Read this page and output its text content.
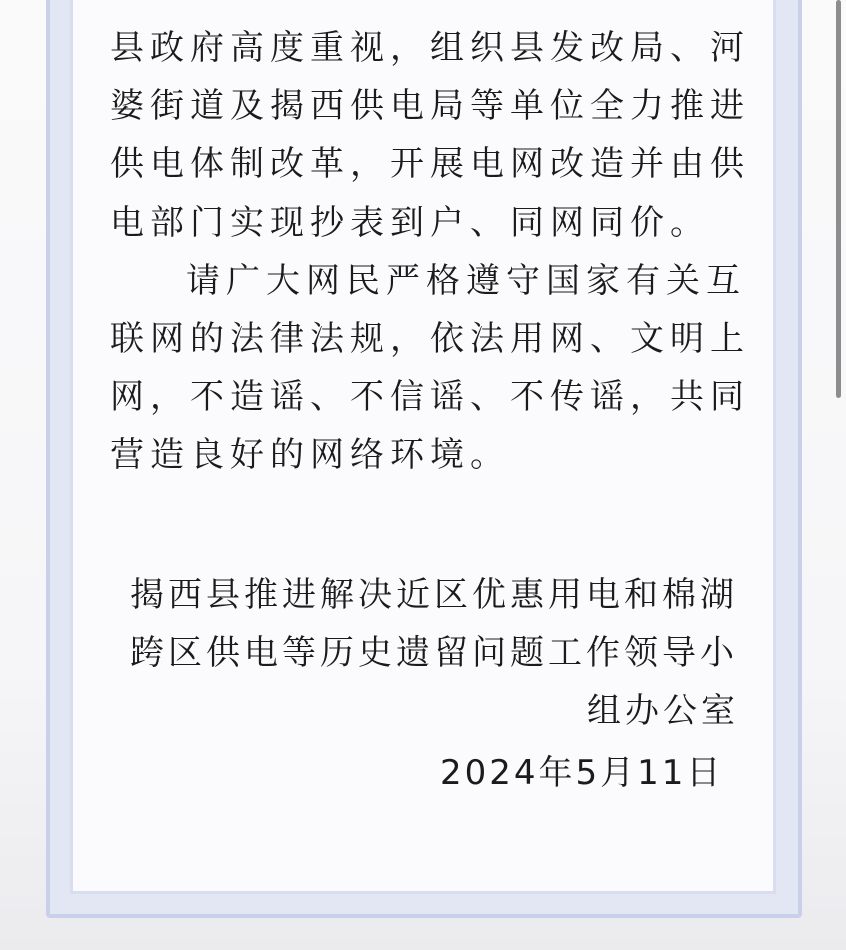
县政府高度重视，组织县发改局、河

婆街道及揭西供电局等单位全力推进

供电体制改革，开展电网改造并由供

电部门实现抄表到户、同网同价。

请广大网民严格遵守国家有关互

联网的法律法规，依法用网、文明上

网，不造谣、不信谣、不传谣，共同

营造良好的网络环境。

揭西县推进解决近区优惠用电和棉湖

跨区供电等历史遗留问题工作领导小

组办公室

2024年5月11日
